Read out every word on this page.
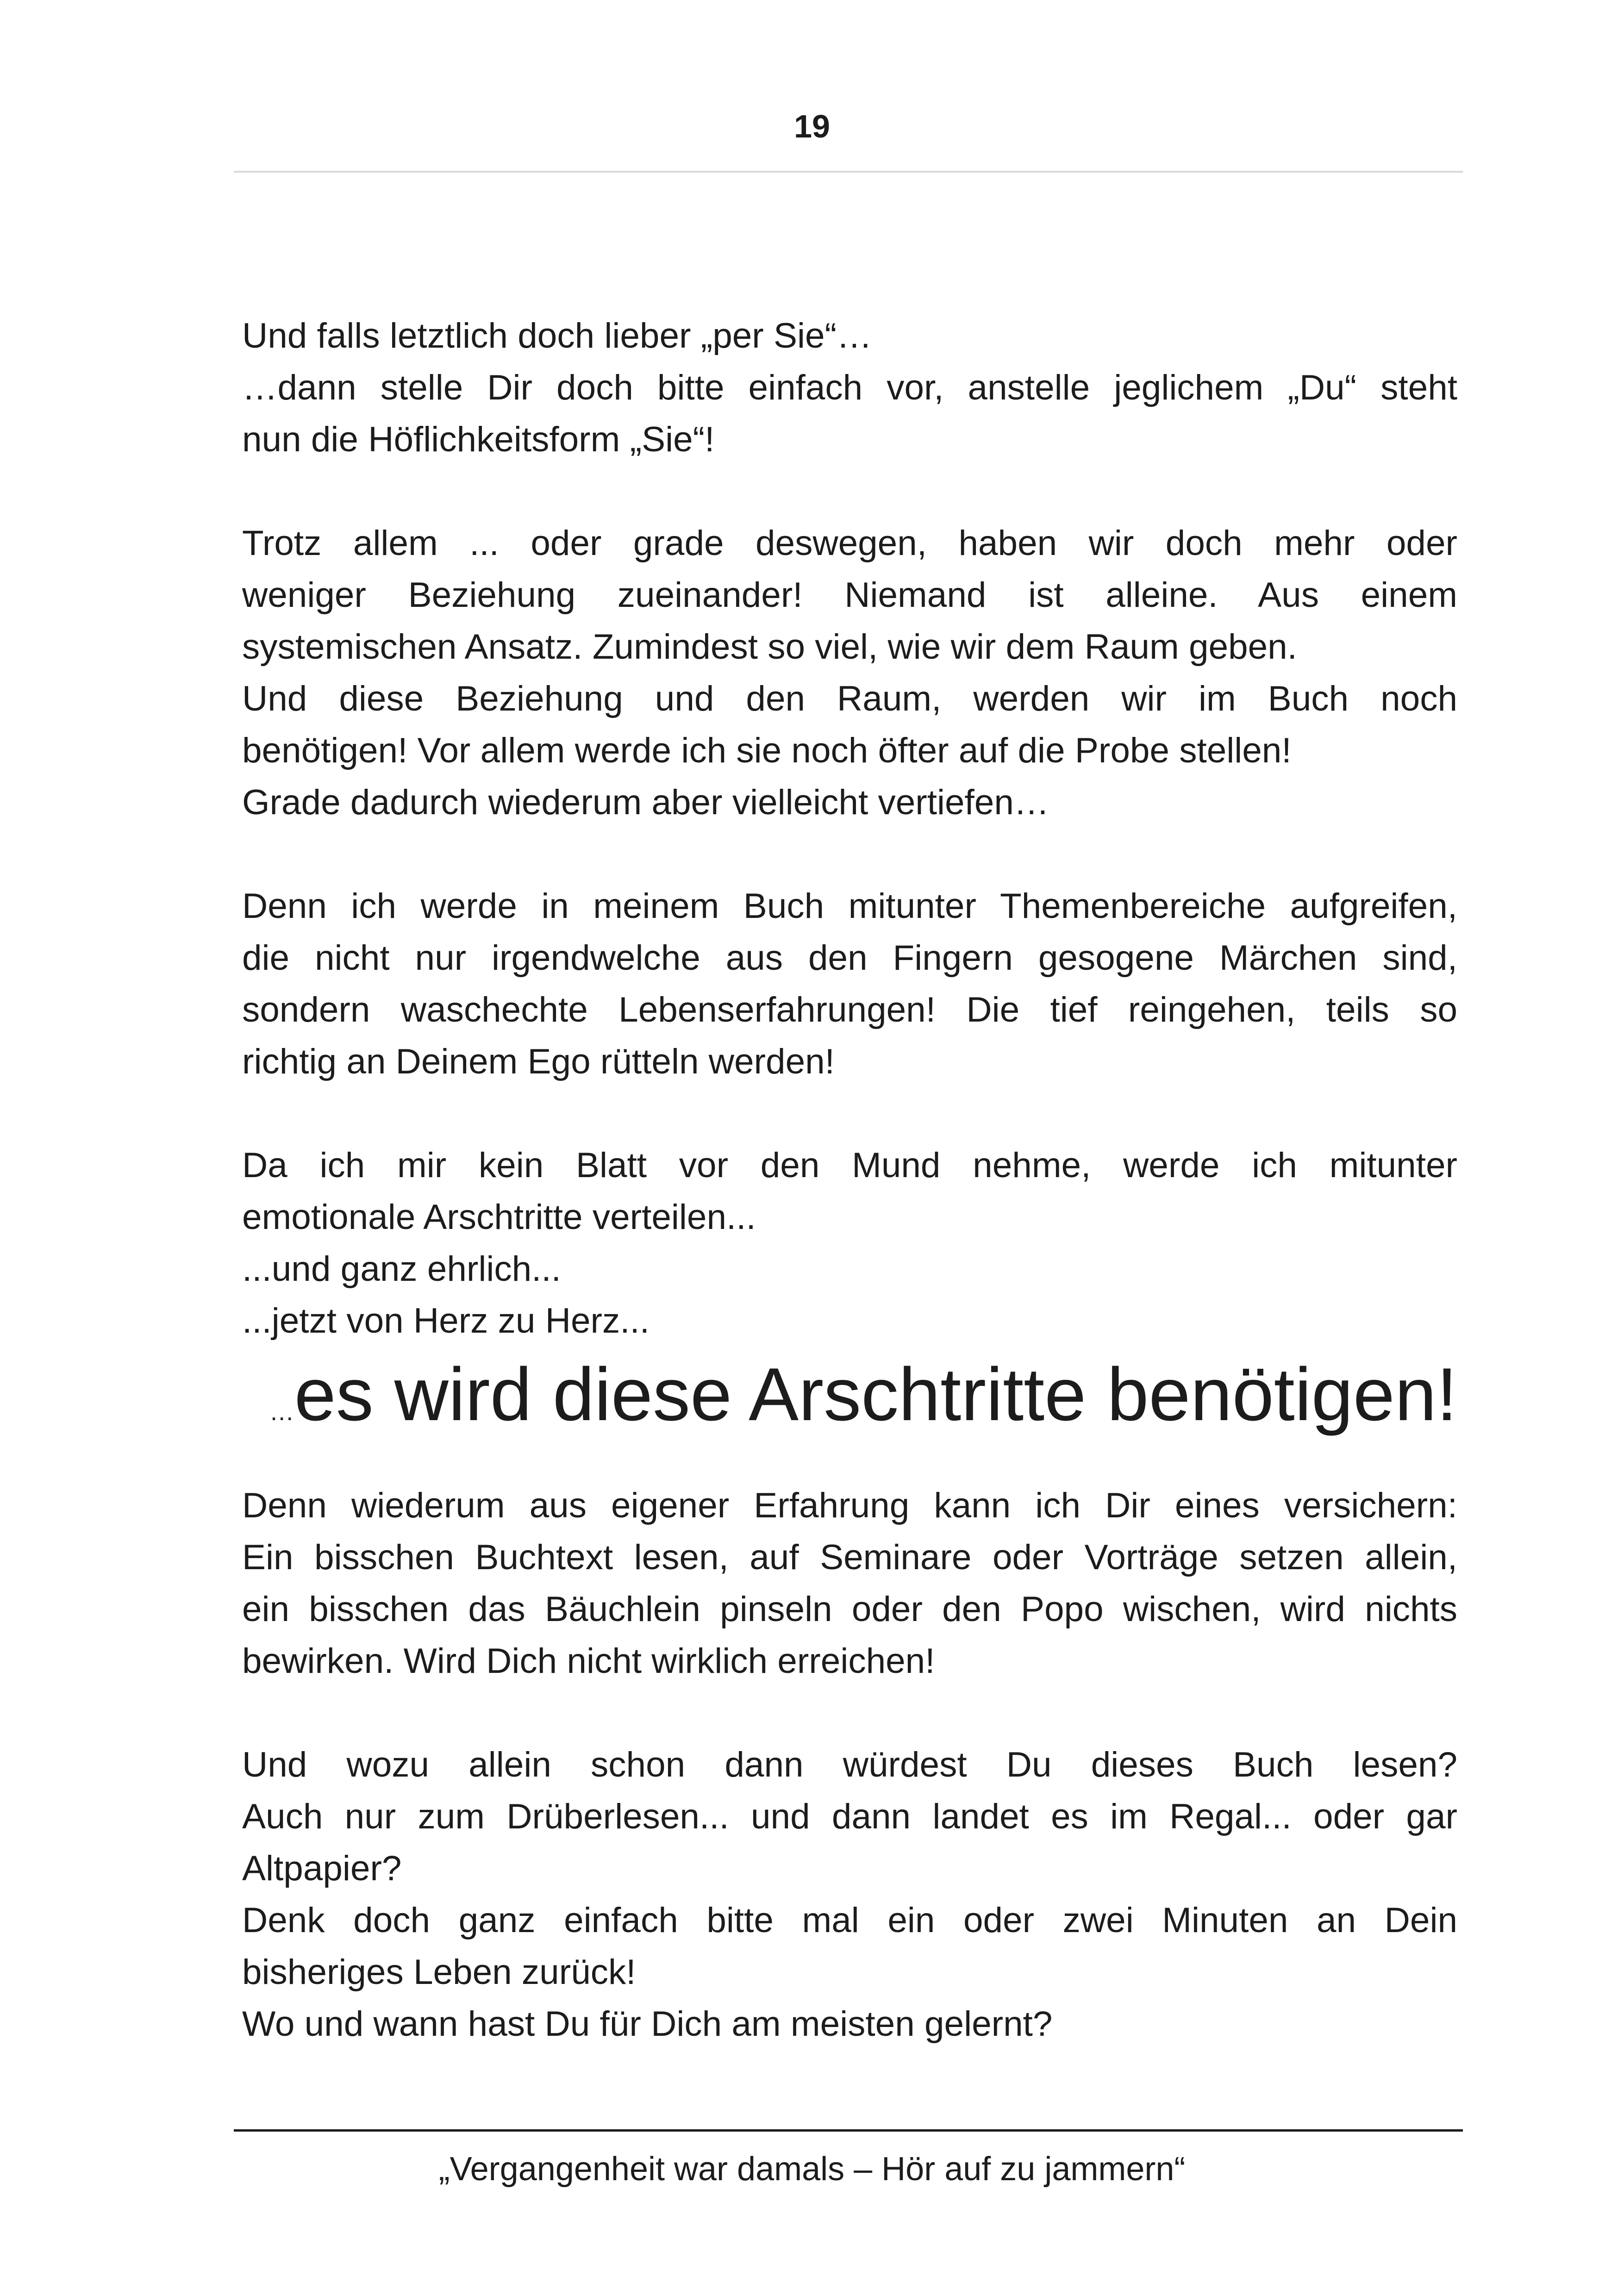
19
Und falls letztlich doch lieber „per Sie“…
…dann stelle Dir doch bitte einfach vor, anstelle jeglichem „Du“ steht
nun die Höflichkeitsform „Sie“!
Trotz allem ... oder grade deswegen, haben wir doch mehr oder
weniger Beziehung zueinander! Niemand ist alleine. Aus einem
systemischen Ansatz. Zumindest so viel, wie wir dem Raum geben.
Und diese Beziehung und den Raum, werden wir im Buch noch
benötigen! Vor allem werde ich sie noch öfter auf die Probe stellen!
Grade dadurch wiederum aber vielleicht vertiefen…
Denn ich werde in meinem Buch mitunter Themenbereiche aufgreifen,
die nicht nur irgendwelche aus den Fingern gesogene Märchen sind,
sondern waschechte Lebenserfahrungen! Die tief reingehen, teils so
richtig an Deinem Ego rütteln werden!
Da ich mir kein Blatt vor den Mund nehme, werde ich mitunter
emotionale Arschtritte verteilen...
...und ganz ehrlich...
...jetzt von Herz zu Herz...
…es wird diese Arschtritte benötigen!
Denn wiederum aus eigener Erfahrung kann ich Dir eines versichern:
Ein bisschen Buchtext lesen, auf Seminare oder Vorträge setzen allein,
ein bisschen das Bäuchlein pinseln oder den Popo wischen, wird nichts
bewirken. Wird Dich nicht wirklich erreichen!
Und wozu allein schon dann würdest Du dieses Buch lesen?
Auch nur zum Drüberlesen... und dann landet es im Regal... oder gar
Altpapier?
Denk doch ganz einfach bitte mal ein oder zwei Minuten an Dein
bisheriges Leben zurück!
Wo und wann hast Du für Dich am meisten gelernt?
„Vergangenheit war damals – Hör auf zu jammern“
